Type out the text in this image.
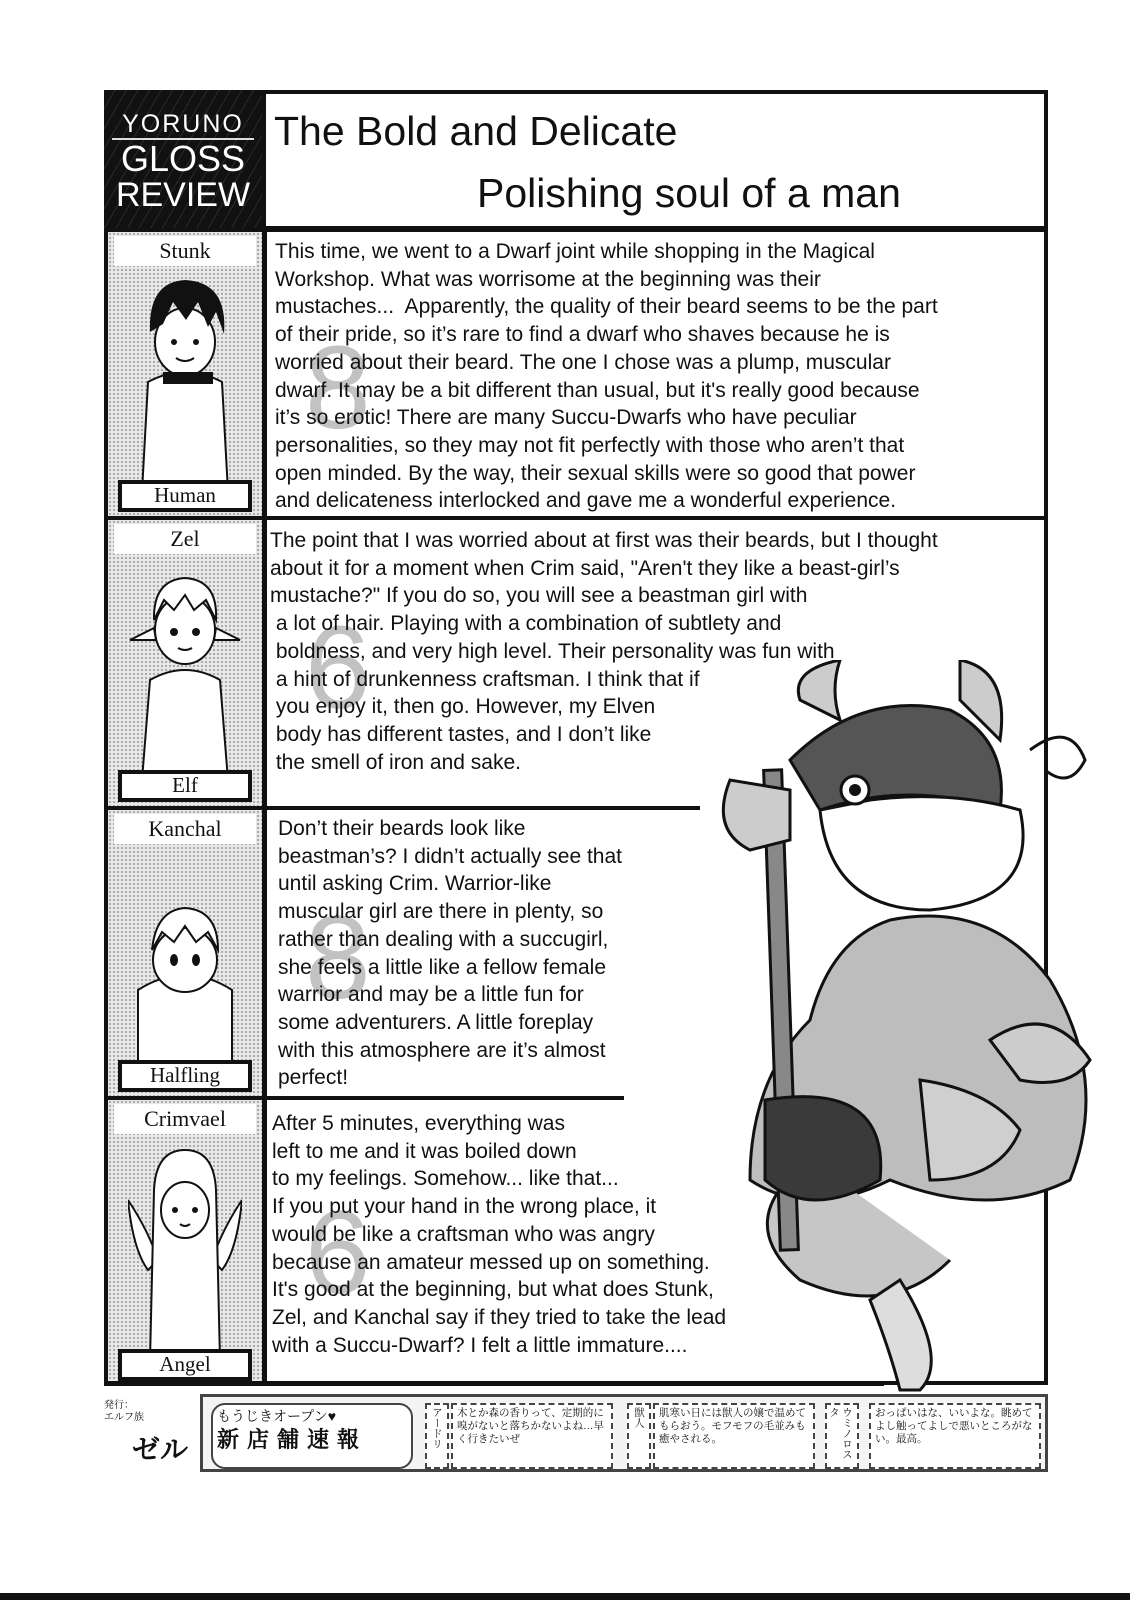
YORUNO
GLOSS
REVIEW
The Bold and Delicate
Polishing soul of a man
Stunk
Human
Zel
Elf
Kanchal
Halfling
Crimvael
Angel
8
6
8
6
This time, we went to a Dwarf joint while shopping in the Magical
Workshop. What was worrisome at the beginning was their
mustaches...  Apparently, the quality of their beard seems to be the part
of their pride, so it’s rare to find a dwarf who shaves because he is
worried about their beard. The one I chose was a plump, muscular
dwarf. It may be a bit different than usual, but it's really good because
it’s so erotic! There are many Succu-Dwarfs who have peculiar
personalities, so they may not fit perfectly with those who aren’t that
open minded. By the way, their sexual skills were so good that power
and delicateness interlocked and gave me a wonderful experience.
The point that I was worried about at first was their beards, but I thought
about it for a moment when Crim said, "Aren't they like a beast-girl’s
mustache?" If you do so, you will see a beastman girl with
a lot of hair. Playing with a combination of subtlety and
boldness, and very high level. Their personality was fun with
a hint of drunkenness craftsman. I think that if
you enjoy it, then go. However, my Elven
body has different tastes, and I don’t like
the smell of iron and sake.
Don’t their beards look like
beastman’s? I didn’t actually see that
until asking Crim. Warrior-like
muscular girl are there in plenty, so
rather than dealing with a succugirl,
she feels a little like a fellow female
warrior and may be a little fun for
some adventurers. A little foreplay
with this atmosphere are it’s almost
perfect!
After 5 minutes, everything was
left to me and it was boiled down
to my feelings. Somehow... like that...
If you put your hand in the wrong place, it
would be like a craftsman who was angry
because an amateur messed up on something.
It's good at the beginning, but what does Stunk,
Zel, and Kanchal say if they tried to take the lead
with a Succu-Dwarf? I felt a little immature....
発行：
エルフ族
ゼル
もうじきオープン♥
新店舗速報	アードリ	木とか森の香りって、定期的に嗅がないと落ちかないよね…早く行きたいぜ
獣人	肌寒い日には獣人の嬢で温めてもらおう。モフモフの毛並みも癒やされる。	ウミノロスタ	おっぱいはな、いいよな。眺めてよし触ってよしで悪いところがない。最高。
